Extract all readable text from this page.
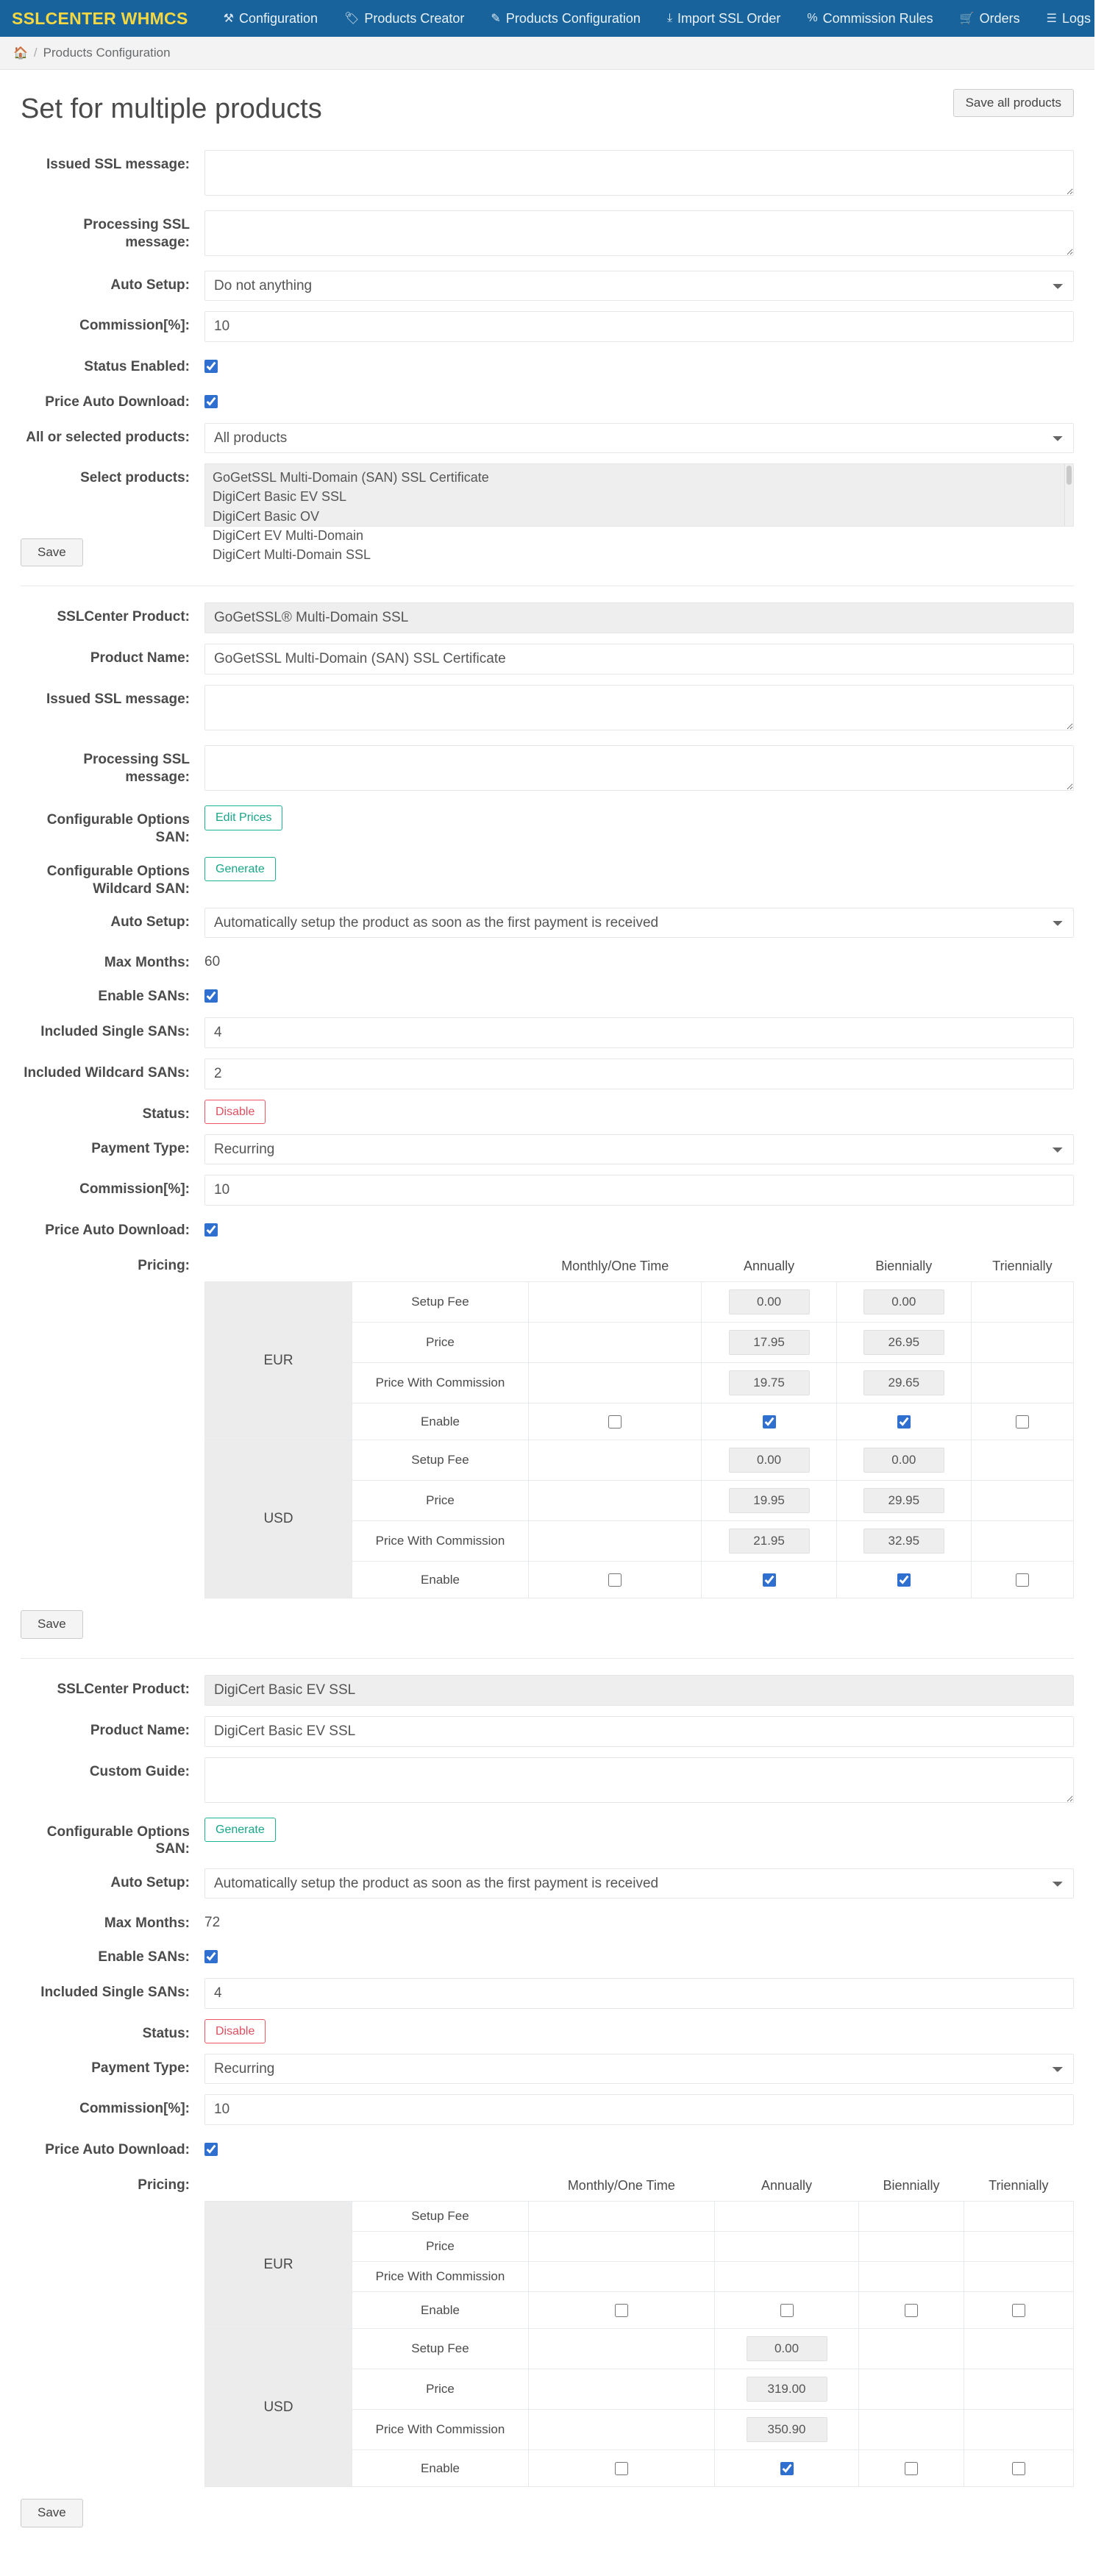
SSLCENTER WHMCS	⚒ Configuration 🏷 Products Creator ✎ Products Configuration ⤓ Import SSL Order % Commission Rules 🛒 Orders ☰ Logs
🏠 / Products Configuration
Set for multiple products	Save all products
Issued SSL message:
Processing SSL message:
Auto Setup:
Do not anything
Commission[%]:
10
Status Enabled:
Price Auto Download:
All or selected products:
All products
Select products:	GoGetSSL Multi-Domain (SAN) SSL Certificate
DigiCert Basic EV SSL
DigiCert Basic OV
DigiCert EV Multi-Domain
DigiCert Multi-Domain SSL
Save
SSLCenter Product:
GoGetSSL® Multi-Domain SSL
Product Name:
GoGetSSL Multi-Domain (SAN) SSL Certificate
Issued SSL message:
Processing SSL message:
Configurable Options SAN:
Edit Prices
Configurable Options Wildcard SAN:
Generate
Auto Setup:
Automatically setup the product as soon as the first payment is received
Max Months:	60
Enable SANs:
Included Single SANs:
4
Included Wildcard SANs:
2
Status:	Disable
Payment Type:
Recurring
Commission[%]:
10
Price Auto Download:
Pricing:
			Monthly/One Time	Annually	Biennially	Triennially
EUR	Setup Fee		0.00	0.00	
	Price		17.95	26.95	
	Price With Commission		19.75	29.65	
	Enable				
USD	Setup Fee		0.00	0.00	
	Price		19.95	29.95	
	Price With Commission		21.95	32.95	
	Enable				
Save
SSLCenter Product:
DigiCert Basic EV SSL
Product Name:
DigiCert Basic EV SSL
Custom Guide:
Configurable Options SAN:
Generate
Auto Setup:
Automatically setup the product as soon as the first payment is received
Max Months:	72
Enable SANs:
Included Single SANs:
4
Status:	Disable
Payment Type:
Recurring
Commission[%]:
10
Price Auto Download:
Pricing:
			Monthly/One Time	Annually	Biennially	Triennially
EUR	Setup Fee				
	Price				
	Price With Commission				
	Enable				
USD	Setup Fee		0.00		
	Price		319.00		
	Price With Commission		350.90		
	Enable				
Save
